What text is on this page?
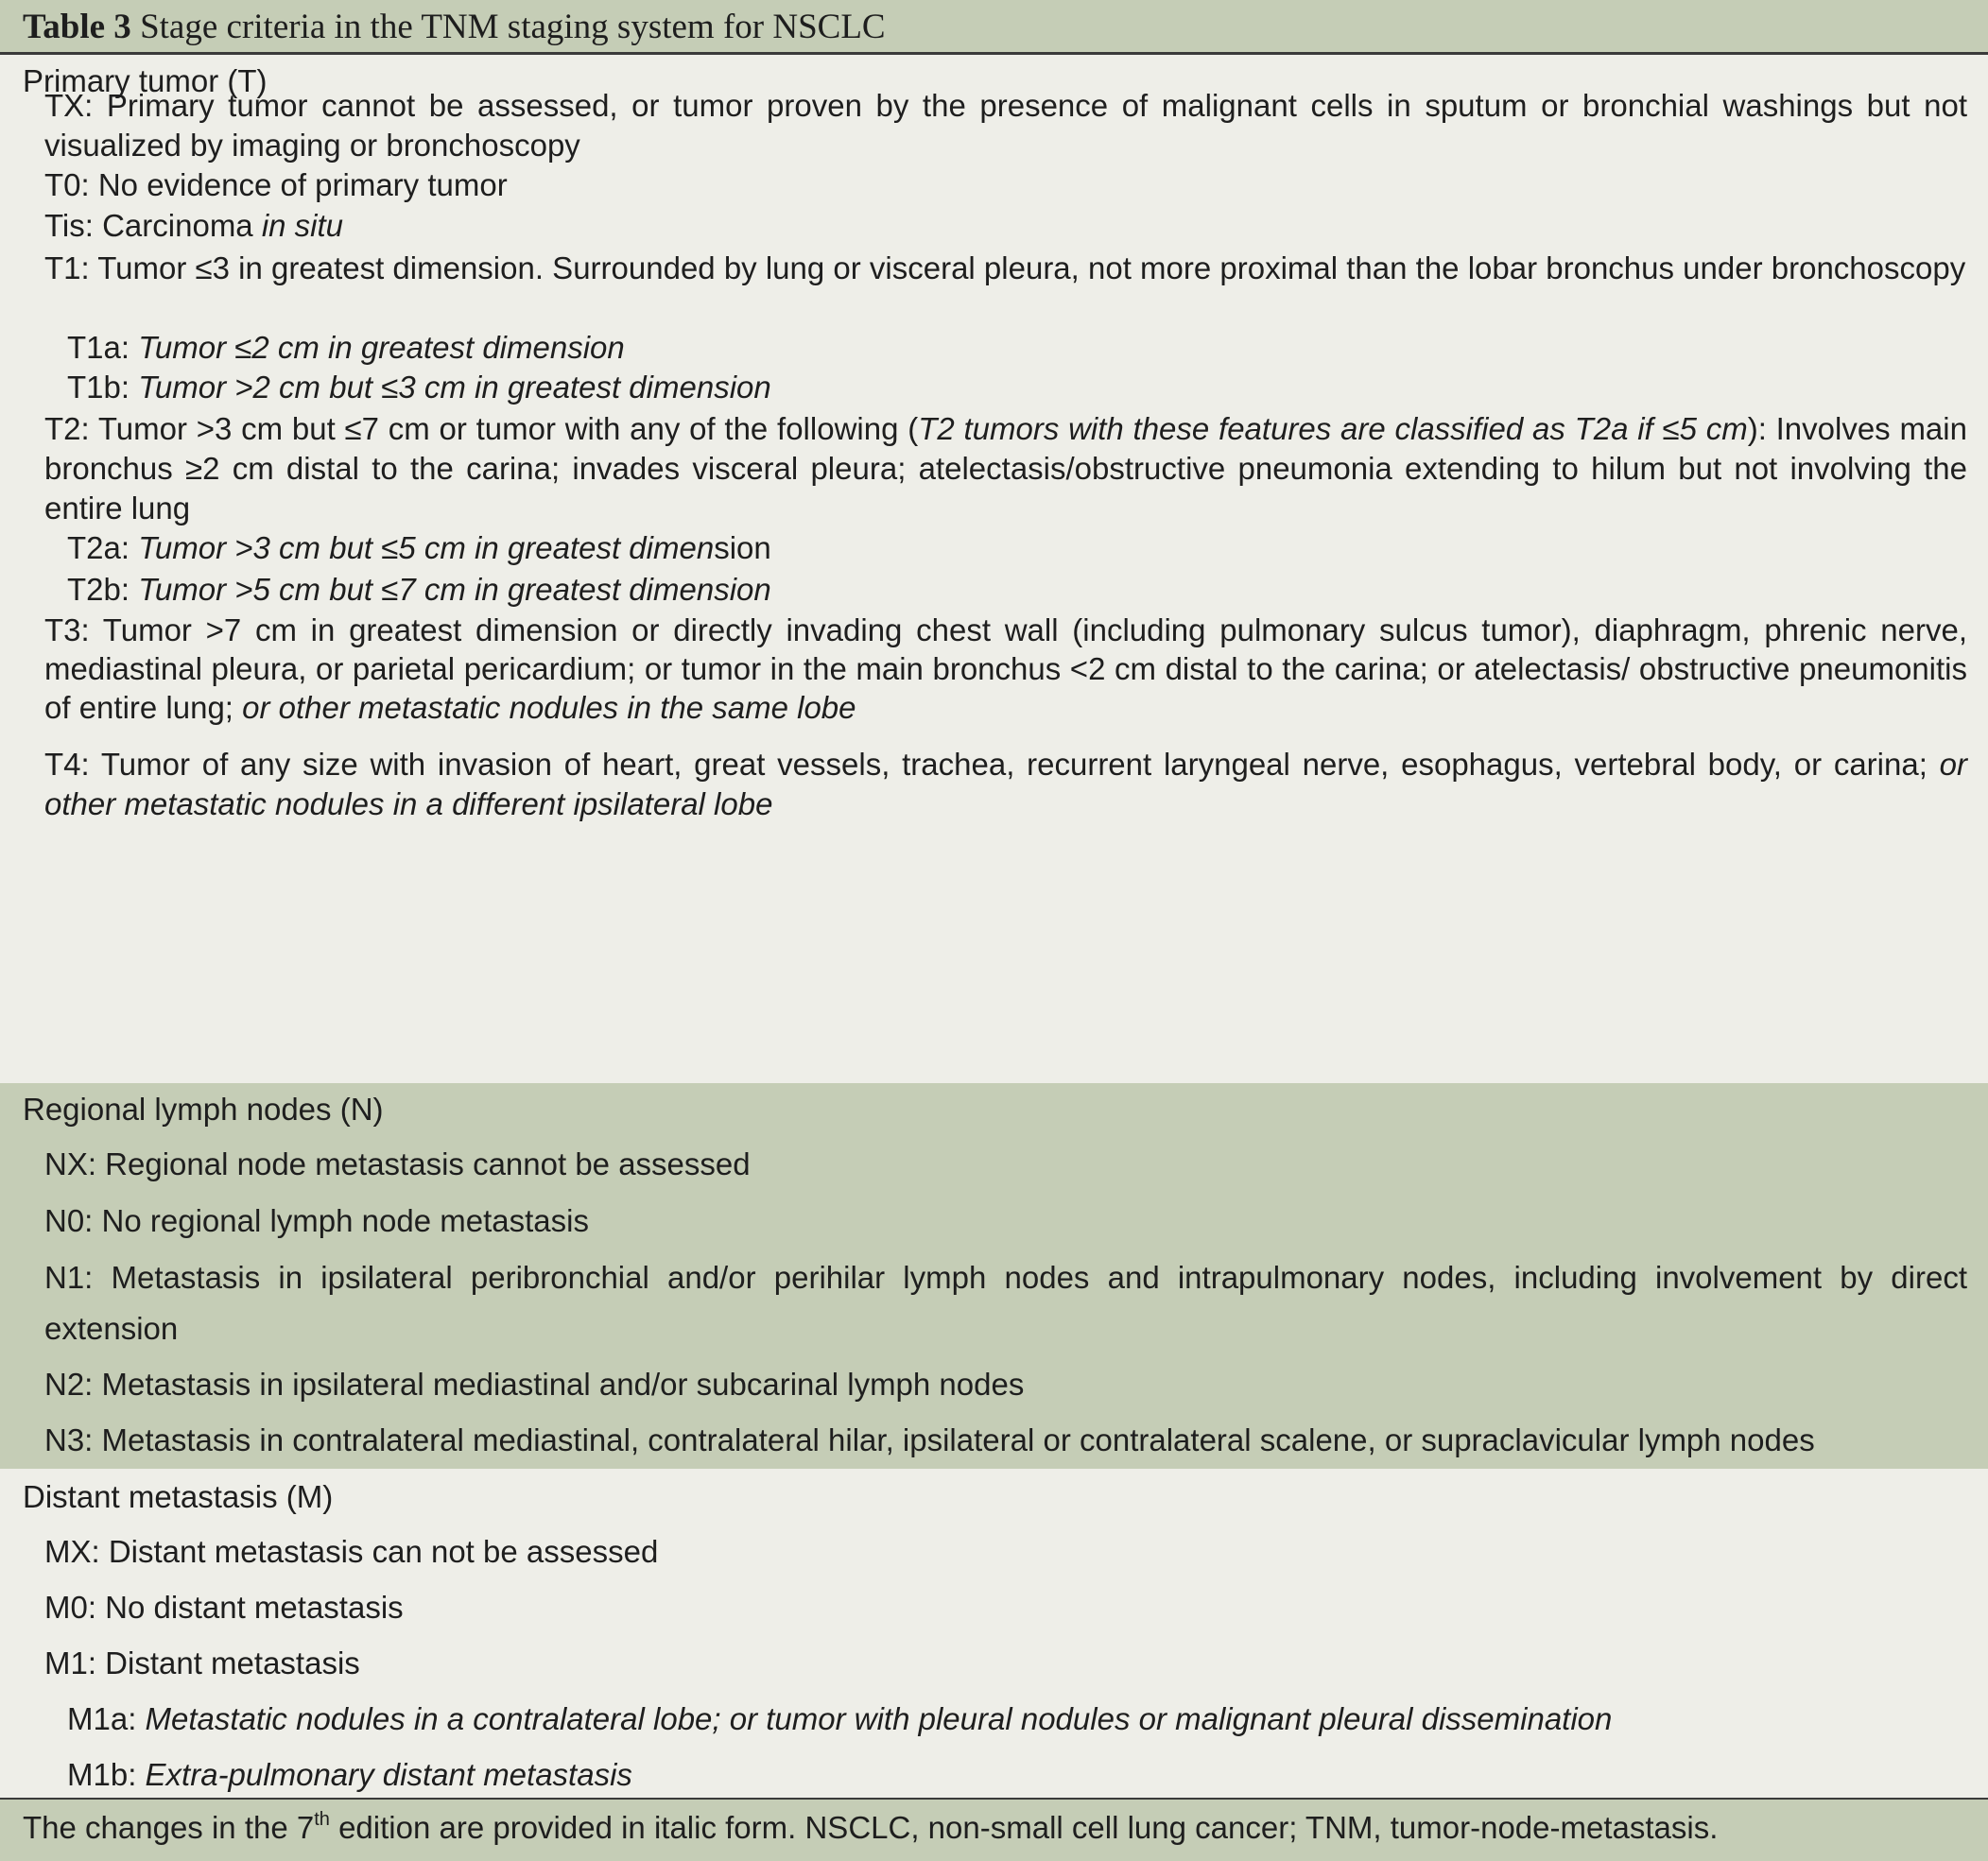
Table 3 Stage criteria in the TNM staging system for NSCLC

Primary tumor (T)

TX: Primary tumor cannot be assessed, or tumor proven by the presence of malignant cells in sputum or bronchial washings but not visualized by imaging or bronchoscopy

T0: No evidence of primary tumor

Tis: Carcinoma in situ

T1: Tumor ≤3 in greatest dimension. Surrounded by lung or visceral pleura, not more proximal than the lobar bronchus under bronchoscopy

T1a: Tumor ≤2 cm in greatest dimension

T1b: Tumor >2 cm but ≤3 cm in greatest dimension

T2: Tumor >3 cm but ≤7 cm or tumor with any of the following (T2 tumors with these features are classified as T2a if ≤5 cm): Involves main bronchus ≥2 cm distal to the carina; invades visceral pleura; atelectasis/obstructive pneumonia extending to hilum but not involving the entire lung

T2a: Tumor >3 cm but ≤5 cm in greatest dimension

T2b: Tumor >5 cm but ≤7 cm in greatest dimension

T3: Tumor >7 cm in greatest dimension or directly invading chest wall (including pulmonary sulcus tumor), diaphragm, phrenic nerve, mediastinal pleura, or parietal pericardium; or tumor in the main bronchus <2 cm distal to the carina; or atelectasis/ obstructive pneumonitis of entire lung; or other metastatic nodules in the same lobe

T4: Tumor of any size with invasion of heart, great vessels, trachea, recurrent laryngeal nerve, esophagus, vertebral body, or carina; or other metastatic nodules in a different ipsilateral lobe

Regional lymph nodes (N)

NX: Regional node metastasis cannot be assessed

N0: No regional lymph node metastasis

N1: Metastasis in ipsilateral peribronchial and/or perihilar lymph nodes and intrapulmonary nodes, including involvement by direct extension

N2: Metastasis in ipsilateral mediastinal and/or subcarinal lymph nodes

N3: Metastasis in contralateral mediastinal, contralateral hilar, ipsilateral or contralateral scalene, or supraclavicular lymph nodes

Distant metastasis (M)

MX: Distant metastasis can not be assessed

M0: No distant metastasis

M1: Distant metastasis

M1a: Metastatic nodules in a contralateral lobe; or tumor with pleural nodules or malignant pleural dissemination

M1b: Extra-pulmonary distant metastasis

The changes in the 7th edition are provided in italic form. NSCLC, non-small cell lung cancer; TNM, tumor-node-metastasis.
